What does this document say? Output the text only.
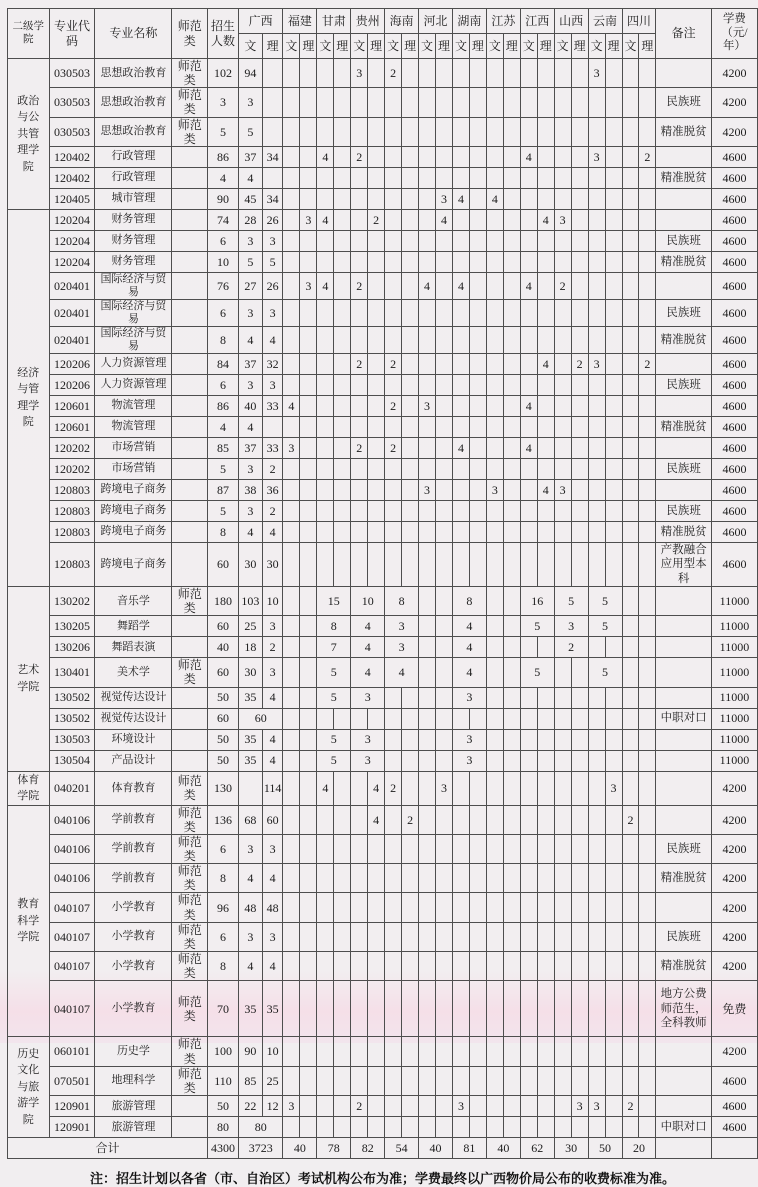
二级学院	专业代码	专业名称	师范类	招生人数	广西		福建		甘肃		贵州		海南		河北		湖南		江苏		江西		山西		云南		四川		备注	学费
（元/年）
					文	理	文	理	文	理	文	理	文	理	文	理	文	理	文	理	文	理	文	理	文	理	文	理		
政治与公共管理学院	030503	思想政治教育	师范类	102	94						3		2												3					4200
	030503	思想政治教育	师范类	3	3																								民族班	4200
	030503	思想政治教育	师范类	5	5																								精准脱贫	4200
	120402	行政管理		86	37	34			4		2										4				3			2		4600
	120402	行政管理		4	4																								精准脱贫	4600
	120405	城市管理		90	45	34										3	4		4											4600
经济与管理学院	120204	财务管理		74	28	26		3	4			2				4						4	3							4600
	120204	财务管理		6	3	3																							民族班	4600
	120204	财务管理		10	5	5																							精准脱贫	4600
	020401	国际经济与贸易		76	27	26		3	4		2				4		4				4		2							4600
	020401	国际经济与贸易		6	3	3																							民族班	4600
	020401	国际经济与贸易		8	4	4																							精准脱贫	4600
	120206	人力资源管理		84	37	32					2		2									4		2	3			2		4600
	120206	人力资源管理		6	3	3																							民族班	4600
	120601	物流管理		86	40	33	4						2		3						4									4600
	120601	物流管理		4	4																								精准脱贫	4600
	120202	市场营销		85	37	33	3				2		2				4				4									4600
	120202	市场营销		5	3	2																							民族班	4600
	120803	跨境电子商务		87	38	36									3				3			4	3							4600
	120803	跨境电子商务		5	3	2																							民族班	4600
	120803	跨境电子商务		8	4	4																							精准脱贫	4600
	120803	跨境电子商务		60	30	30																							产教融合应用型本科	4600
艺术学院	130202	音乐学	师范类	180	103	10			15		10		8				8				16		5		5					11000
	130205	舞蹈学		60	25	3			8		4		3				4				5		3		5					11000
	130206	舞蹈表演		40	18	2			7		4		3				4						2							11000
	130401	美术学	师范类	60	30	3			5		4		4				4				5				5					11000
	130502	视觉传达设计		50	35	4			5		3						3													11000
	130502	视觉传达设计		60	60																								中职对口	11000
	130503	环境设计		50	35	4			5		3						3													11000
	130504	产品设计		50	35	4			5		3						3													11000
体育学院	040201	体育教育	师范类	130		114			4			4	2			3										3				4200
教育科学学院	040106	学前教育	师范类	136	68	60						4		2													2			4200
	040106	学前教育	师范类	6	3	3																							民族班	4200
	040106	学前教育	师范类	8	4	4																							精准脱贫	4200
	040107	小学教育	师范类	96	48	48																								4200
	040107	小学教育	师范类	6	3	3																							民族班	4200
	040107	小学教育	师范类	8	4	4																							精准脱贫	4200
	040107	小学教育	师范类	70	35	35																							地方公费师范生，全科教师	免费
历史文化与旅游学院	060101	历史学	师范类	100	90	10																								4200
	070501	地理科学	师范类	110	85	25																								4600
	120901	旅游管理		50	22	12	3				2						3							3	3		2			4600
	120901	旅游管理		80	80																								中职对口	4600
合计				4300	3723		40		78		82		54		40		81		40		62		30		50		20			
注：招生计划以各省（市、自治区）考试机构公布为准；学费最终以广西物价局公布的收费标准为准。
